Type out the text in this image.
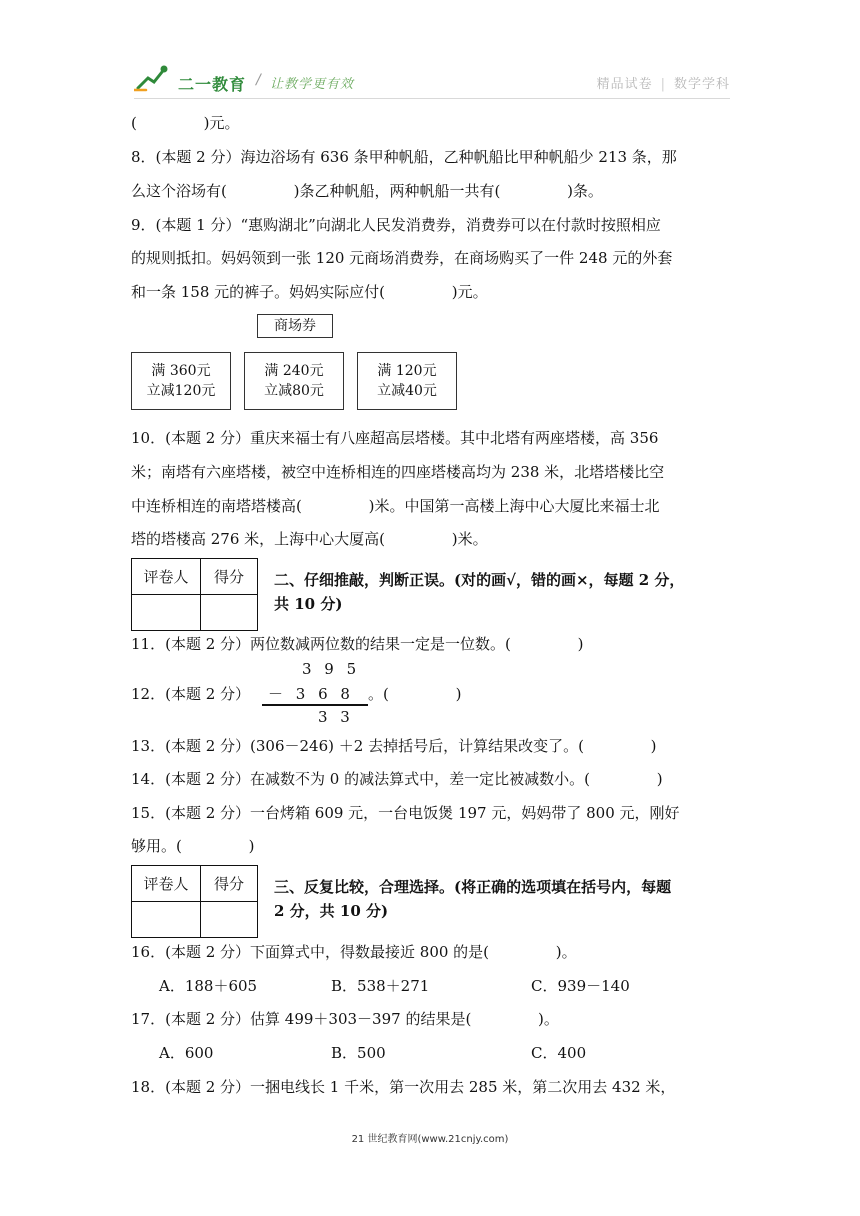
二一教育 / 让教学更有效	精品试卷 | 数学学科
(              )元。
8．(本题 2 分）海边浴场有 636 条甲种帆船，乙种帆船比甲种帆船少 213 条，那
么这个浴场有(              )条乙种帆船，两种帆船一共有(              )条。
9．(本题 1 分）“惠购湖北”向湖北人民发消费券，消费券可以在付款时按照相应
的规则抵扣。妈妈领到一张 120 元商场消费券，在商场购买了一件 248 元的外套
和一条 158 元的裤子。妈妈实际应付(              )元。
商场券
满 360元
立减120元
满 240元
立减80元
满 120元
立减40元
10．(本题 2 分）重庆来福士有八座超高层塔楼。其中北塔有两座塔楼，高 356
米；南塔有六座塔楼，被空中连桥相连的四座塔楼高均为 238 米，北塔塔楼比空
中连桥相连的南塔塔楼高(              )米。中国第一高楼上海中心大厦比来福士北
塔的塔楼高 276 米，上海中心大厦高(              )米。
评卷人	得分
	二、仔细推敲，判断正误。(对的画√，错的画×，每题 2 分，
共 10 分)
11．(本题 2 分）两位数减两位数的结果一定是一位数。(              )
3 9 5
12．(本题 2 分） － 3 6 8 。(              )
3 3
13．(本题 2 分）(306－246) ＋2 去掉括号后，计算结果改变了。(              )
14．(本题 2 分）在减数不为 0 的减法算式中，差一定比被减数小。(              )
15．(本题 2 分）一台烤箱 609 元，一台电饭煲 197 元，妈妈带了 800 元，刚好
够用。(              )
评卷人	得分
	三、反复比较，合理选择。(将正确的选项填在括号内，每题
2 分，共 10 分)
16．(本题 2 分）下面算式中，得数最接近 800 的是(              )。
A．188＋605	B．538＋271	C．939－140
17．(本题 2 分）估算 499＋303－397 的结果是(              )。
A．600	B．500	C．400
18．(本题 2 分）一捆电线长 1 千米，第一次用去 285 米，第二次用去 432 米，
21 世纪教育网(www.21cnjy.com)
